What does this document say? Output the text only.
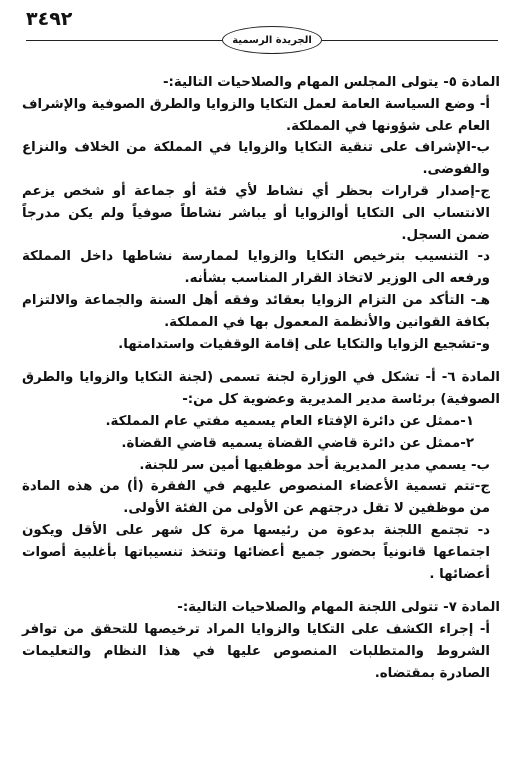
٣٤٩٢
الجريدة الرسمية

المادة ٥- يتولى المجلس المهام والصلاحيات التالية:-

أ- وضع السياسة العامة لعمل التكايا والزوايا والطرق الصوفية والإشراف العام على شؤونها في المملكة.

ب-الإشراف على تنقية التكايا والزوايا في المملكة من الخلاف والنزاع والفوضى.

ج-إصدار قرارات بحظر أي نشاط لأي فئة أو جماعة أو شخص يزعم الانتساب الى التكايا أوالزوايا أو يباشر نشاطاً صوفياً ولم يكن مدرجاً ضمن السجل.

د- التنسيب بترخيص التكايا والزوايا لممارسة نشاطها داخل المملكة ورفعه الى الوزير لاتخاذ القرار المناسب بشأنه.

هـ- التأكد من التزام الزوايا بعقائد وفقه أهل السنة والجماعة والالتزام بكافة القوانين والأنظمة المعمول بها في المملكة.

و-تشجيع الزوايا والتكايا على إقامة الوقفيات واستدامتها.

المادة ٦- أ- تشكل في الوزارة لجنة تسمى (لجنة التكايا والزوايا والطرق الصوفية) برئاسة مدير المديرية وعضوية كل من:-

١-ممثل عن دائرة الإفتاء العام يسميه مفتي عام المملكة.

٢-ممثل عن دائرة قاضي القضاة يسميه قاضي القضاة.

ب- يسمي مدير المديرية أحد موظفيها أمين سر للجنة.

ج-تتم تسمية الأعضاء المنصوص عليهم في الفقرة (أ) من هذه المادة من موظفين لا تقل درجتهم عن الأولى من الفئة الأولى.

د- تجتمع اللجنة بدعوة من رئيسها مرة كل شهر على الأقل ويكون اجتماعها قانونياً بحضور جميع أعضائها وتتخذ تنسيباتها بأغلبية أصوات أعضائها .

المادة ٧- تتولى اللجنة المهام والصلاحيات التالية:-

أ- إجراء الكشف على التكايا والزوايا المراد ترخيصها للتحقق من توافر الشروط والمتطلبات المنصوص عليها في هذا النظام والتعليمات الصادرة بمقتضاه.
